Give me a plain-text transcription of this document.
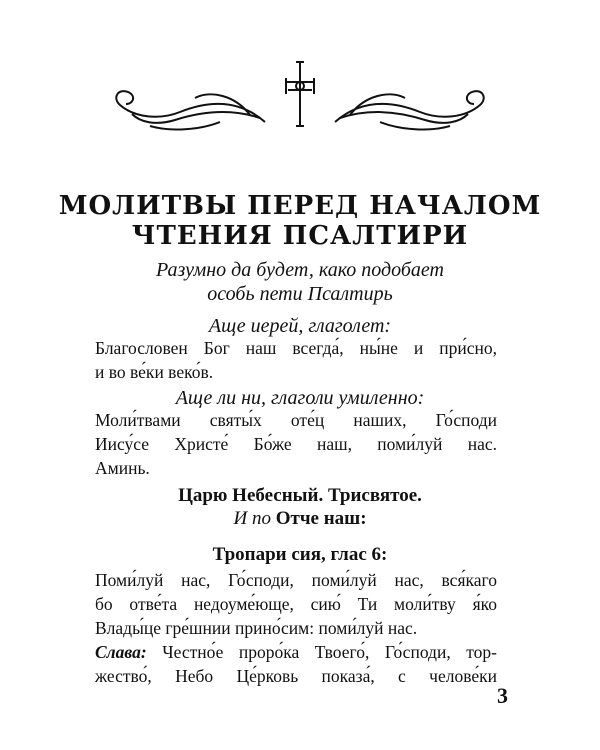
МОЛИТВЫ ПЕРЕД НАЧАЛОМ
ЧТЕНИЯ ПСАЛТИРИ
Разумно да будет, како подобает
особь пети Псалтирь
Аще иерей, глаголет:
Благословен Бог наш всегда́, ны́не и при́сно,
и во ве́ки веко́в.
Аще ли ни, глаголи умиленно:
Моли́твами святы́х оте́ц наших, Го́споди
Иису́се Христе́ Бо́же наш, поми́луй нас.
Аминь.
Царю Небесный. Трисвятое.
И по Отче наш:
Тропари сия, глас 6:
Поми́луй нас, Го́споди, поми́луй нас, вся́каго
бо отве́та недоуме́юще, сию́ Ти моли́тву я́ко
Влады́це гре́шнии прино́сим: поми́луй нас.
Слава: Честно́е проро́ка Твоего́, Го́споди, тор-
жество́, Небо Це́рковь показа́, с челове́ки
3
